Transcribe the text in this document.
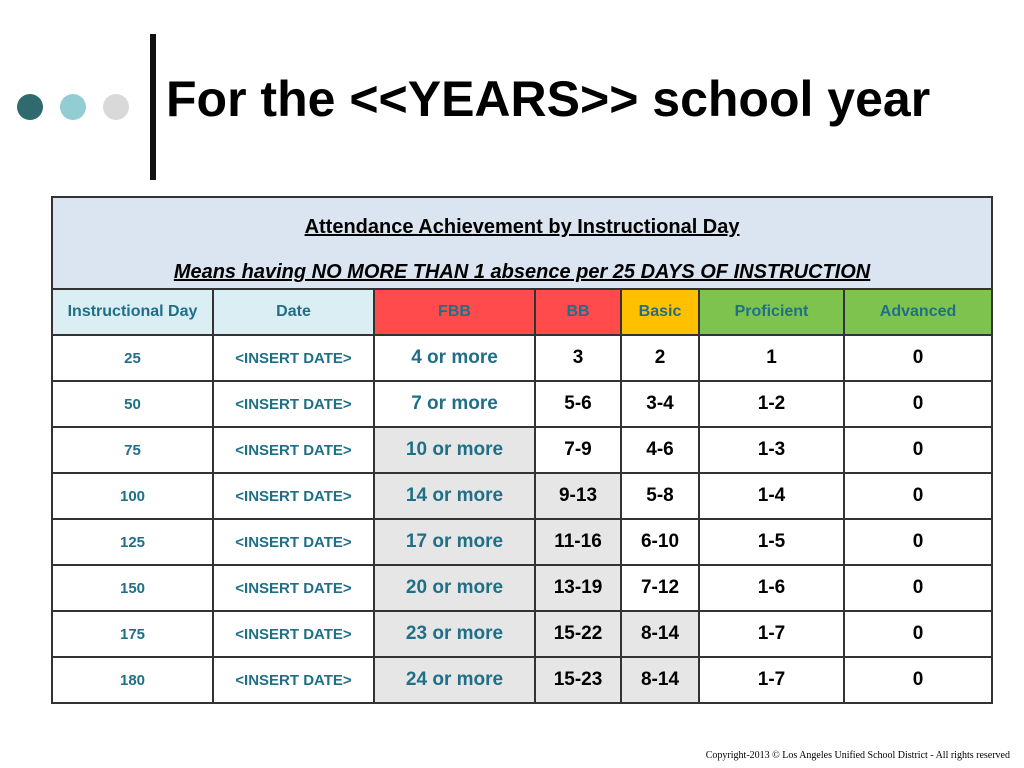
For the <<YEARS>> school year
Attendance Achievement by Instructional Day
Means having NO MORE THAN 1 absence per 25 DAYS OF INSTRUCTION						

Instructional Day	Date	FBB	BB	Basic	Proficient	Advanced
25	<INSERT DATE>	4 or more	3	2	1	0
50	<INSERT DATE>	7 or more	5-6	3-4	1-2	0
75	<INSERT DATE>	10 or more	7-9	4-6	1-3	0
100	<INSERT DATE>	14 or more	9-13	5-8	1-4	0
125	<INSERT DATE>	17 or more	11-16	6-10	1-5	0
150	<INSERT DATE>	20 or more	13-19	7-12	1-6	0
175	<INSERT DATE>	23 or more	15-22	8-14	1-7	0
180	<INSERT DATE>	24 or more	15-23	8-14	1-7	0
Copyright-2013 © Los Angeles Unified School District - All rights reserved
